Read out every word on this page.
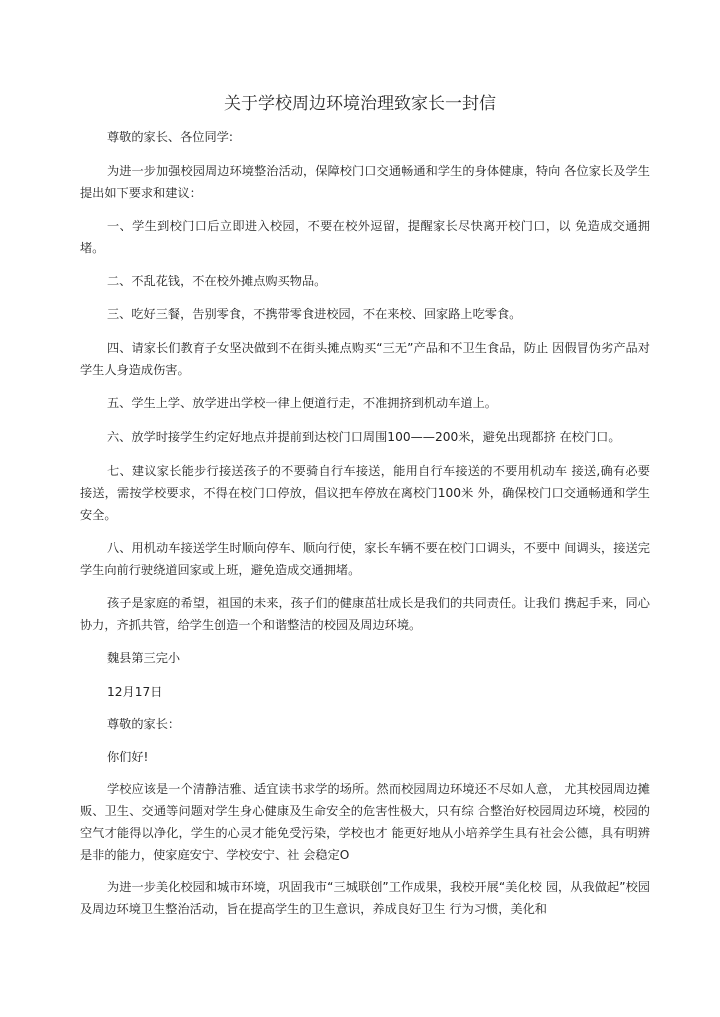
关于学校周边环境治理致家长一封信

尊敬的家长、各位同学:

为进一步加强校园周边环境整治活动，保障校门口交通畅通和学生的身体健康，特向 各位家长及学生提出如下要求和建议：

一、学生到校门口后立即进入校园，不要在校外逗留，提醒家长尽快离开校门口，以 免造成交通拥堵。

二、不乱花钱，不在校外摊点购买物品。

三、吃好三餐，告别零食，不携带零食进校园，不在来校、回家路上吃零食。

四、请家长们教育子女坚决做到不在街头摊点购买“三无”产品和不卫生食品，防止 因假冒伪劣产品对学生人身造成伤害。

五、学生上学、放学进出学校一律上便道行走，不准拥挤到机动车道上。

六、放学时接学生约定好地点并提前到达校门口周围100——200米，避免出现都挤 在校门口。

七、建议家长能步行接送孩子的不要骑自行车接送，能用自行车接送的不要用机动车 接送,确有必要接送，需按学校要求，不得在校门口停放，倡议把车停放在离校门100米 外，确保校门口交通畅通和学生安全。

八、用机动车接送学生时顺向停车、顺向行使，家长车辆不要在校门口调头，不要中 间调头，接送完学生向前行驶绕道回家或上班，避免造成交通拥堵。

孩子是家庭的希望，祖国的未来，孩子们的健康茁壮成长是我们的共同责任。让我们 携起手来，同心协力，齐抓共管，给学生创造一个和谐整洁的校园及周边环境。

魏县第三完小

12月17日

尊敬的家长：

你们好!

学校应该是一个清静洁雅、适宜读书求学的场所。然而校园周边环境还不尽如人意， 尤其校园周边摊贩、卫生、交通等问题对学生身心健康及生命安全的危害性极大，只有综 合整治好校园周边环境，校园的空气才能得以净化，学生的心灵才能免受污染，学校也才 能更好地从小培养学生具有社会公德，具有明辨是非的能力，使家庭安宁、学校安宁、社 会稳定O

为进一步美化校园和城市环境，巩固我市“三城联创”工作成果，我校开展“美化校 园，从我做起”校园及周边环境卫生整治活动，旨在提高学生的卫生意识，养成良好卫生 行为习惯，美化和
